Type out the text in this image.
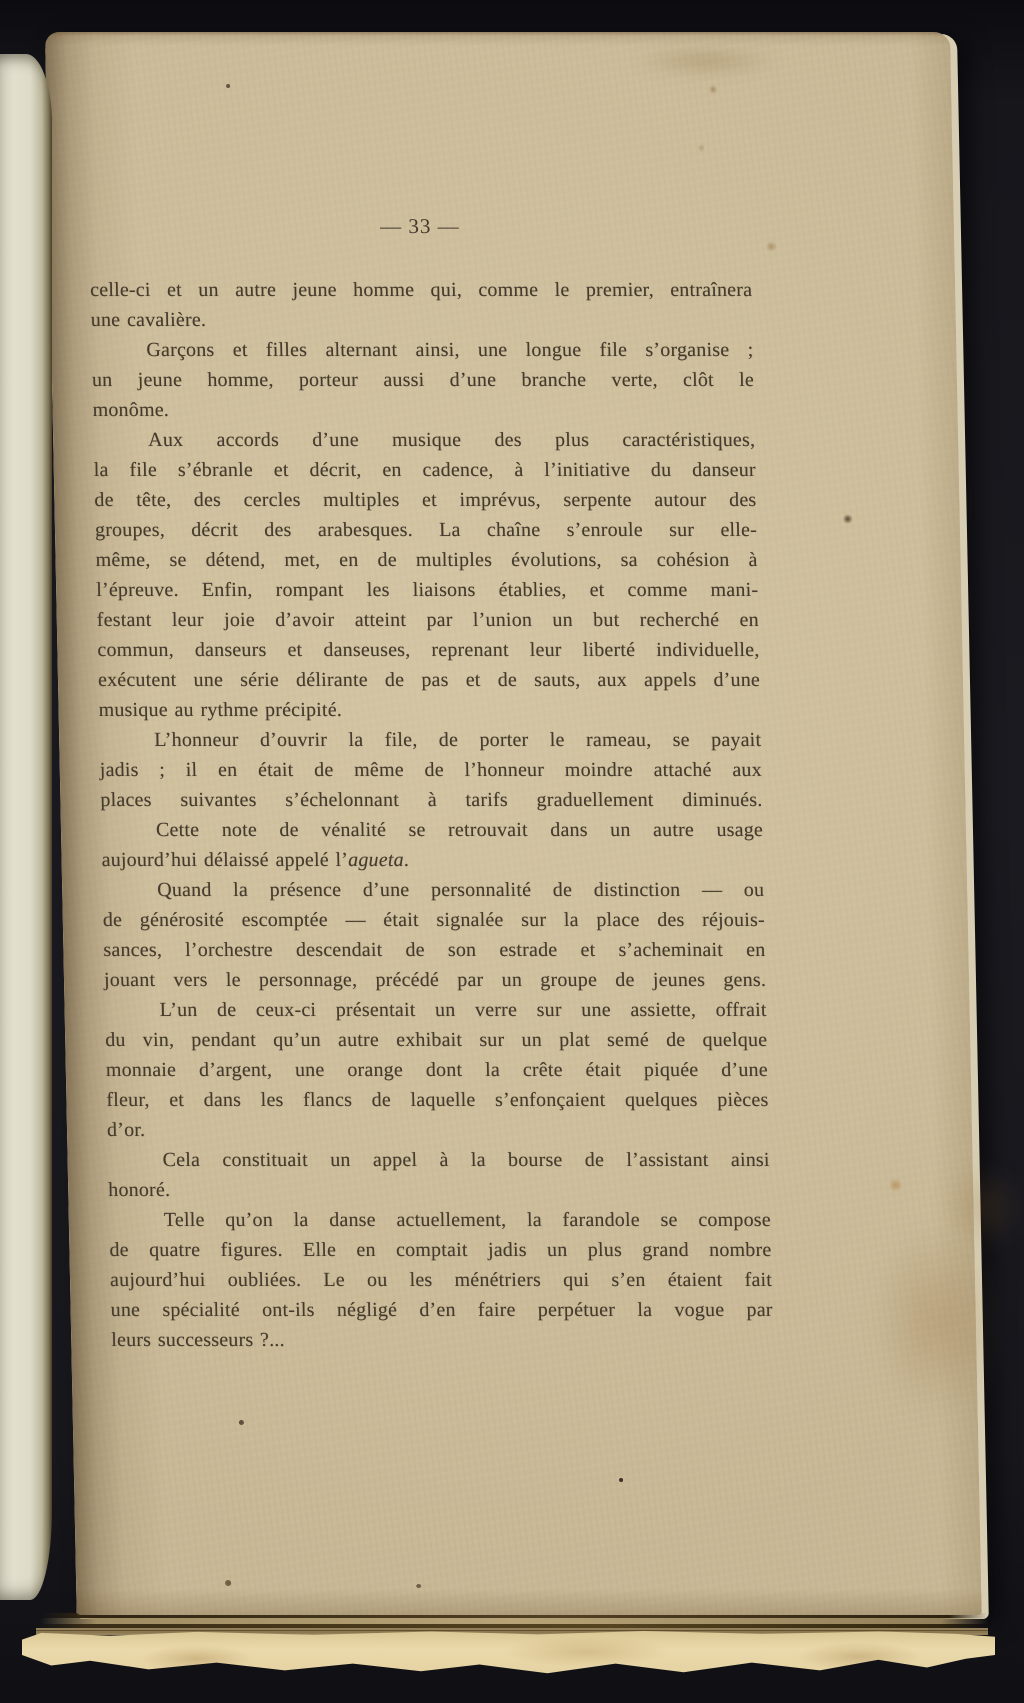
— 33 —
celle-ci et un autre jeune homme qui, comme le premier, entraînera
une cavalière.
Garçons et filles alternant ainsi, une longue file s’organise ;
un jeune homme, porteur aussi d’une branche verte, clôt le
monôme.
Aux accords d’une musique des plus caractéristiques,
la file s’ébranle et décrit, en cadence, à l’initiative du danseur
de tête, des cercles multiples et imprévus, serpente autour des
groupes, décrit des arabesques. La chaîne s’enroule sur elle-
même, se détend, met, en de multiples évolutions, sa cohésion à
l’épreuve. Enfin, rompant les liaisons établies, et comme mani-
festant leur joie d’avoir atteint par l’union un but recherché en
commun, danseurs et danseuses, reprenant leur liberté individuelle,
exécutent une série délirante de pas et de sauts, aux appels d’une
musique au rythme précipité.
L’honneur d’ouvrir la file, de porter le rameau, se payait
jadis ; il en était de même de l’honneur moindre attaché aux
places suivantes s’échelonnant à tarifs graduellement diminués.
Cette note de vénalité se retrouvait dans un autre usage
aujourd’hui délaissé appelé l’agueta.
Quand la présence d’une personnalité de distinction — ou
de générosité escomptée — était signalée sur la place des réjouis-
sances, l’orchestre descendait de son estrade et s’acheminait en
jouant vers le personnage, précédé par un groupe de jeunes gens.
L’un de ceux-ci présentait un verre sur une assiette, offrait
du vin, pendant qu’un autre exhibait sur un plat semé de quelque
monnaie d’argent, une orange dont la crête était piquée d’une
fleur, et dans les flancs de laquelle s’enfonçaient quelques pièces
d’or.
Cela constituait un appel à la bourse de l’assistant ainsi
honoré.
Telle qu’on la danse actuellement, la farandole se compose
de quatre figures. Elle en comptait jadis un plus grand nombre
aujourd’hui oubliées. Le ou les ménétriers qui s’en étaient fait
une spécialité ont-ils négligé d’en faire perpétuer la vogue par
leurs successeurs ?...
